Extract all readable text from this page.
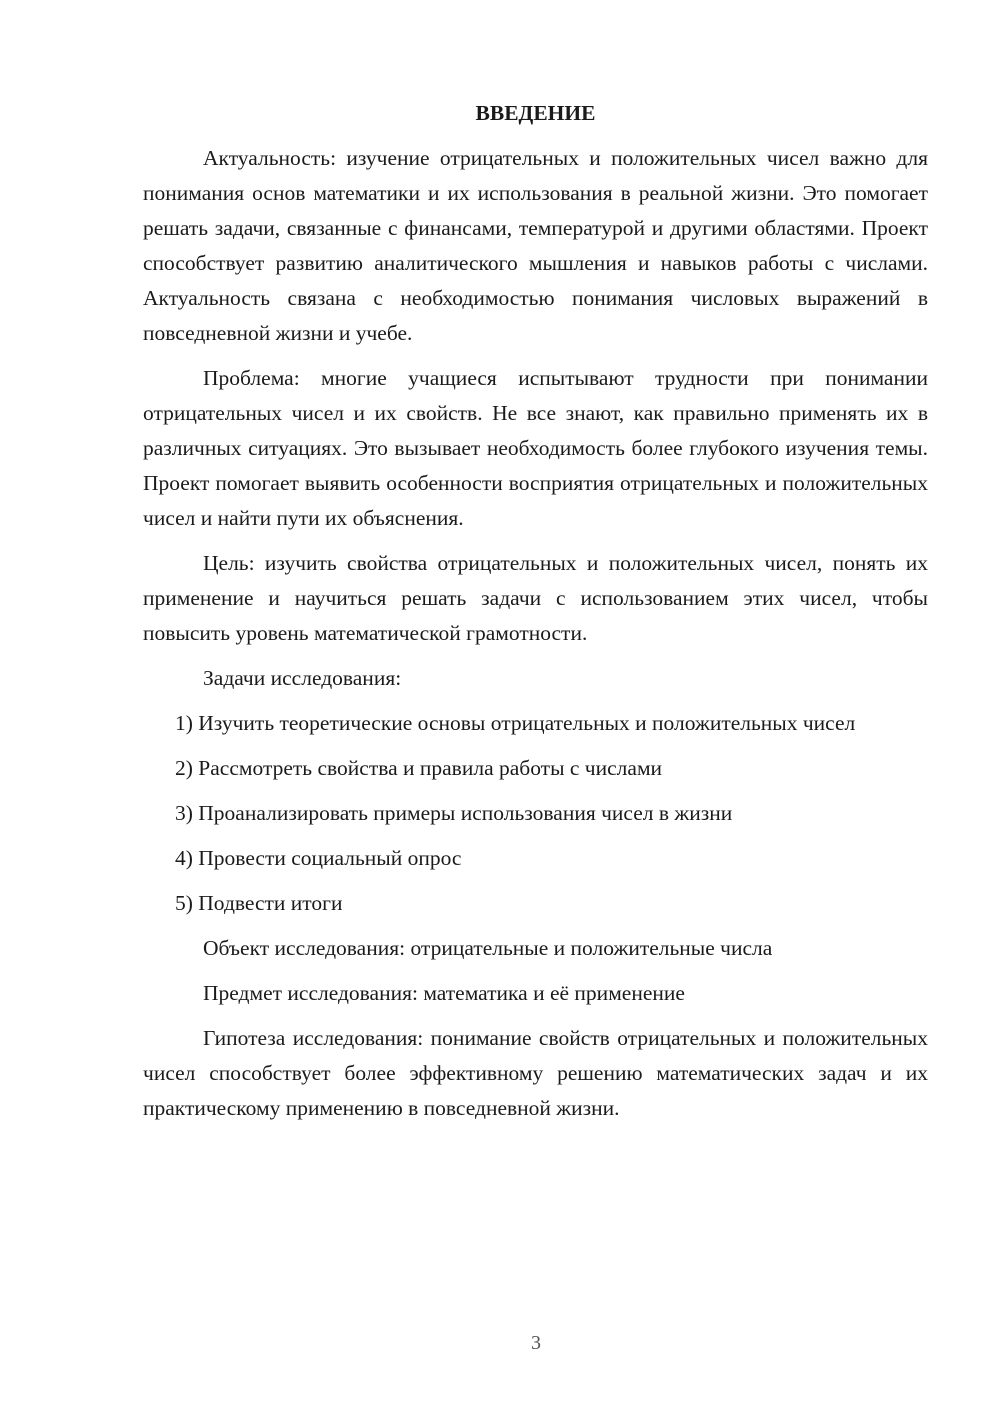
ВВЕДЕНИЕ

Актуальность: изучение отрицательных и положительных чисел важно для понимания основ математики и их использования в реальной жизни. Это помогает решать задачи, связанные с финансами, температурой и другими областями. Проект способствует развитию аналитического мышления и навыков работы с числами. Актуальность связана с необходимостью понимания числовых выражений в повседневной жизни и учебе.

Проблема: многие учащиеся испытывают трудности при понимании отрицательных чисел и их свойств. Не все знают, как правильно применять их в различных ситуациях. Это вызывает необходимость более глубокого изучения темы. Проект помогает выявить особенности восприятия отрицательных и положительных чисел и найти пути их объяснения.

Цель: изучить свойства отрицательных и положительных чисел, понять их применение и научиться решать задачи с использованием этих чисел, чтобы повысить уровень математической грамотности.

Задачи исследования:

1) Изучить теоретические основы отрицательных и положительных чисел

2) Рассмотреть свойства и правила работы с числами

3) Проанализировать примеры использования чисел в жизни

4) Провести социальный опрос

5) Подвести итоги

Объект исследования: отрицательные и положительные числа
Предмет исследования: математика и её применение

Гипотеза исследования: понимание свойств отрицательных и положительных чисел способствует более эффективному решению математических задач и их практическому применению в повседневной жизни.

3
